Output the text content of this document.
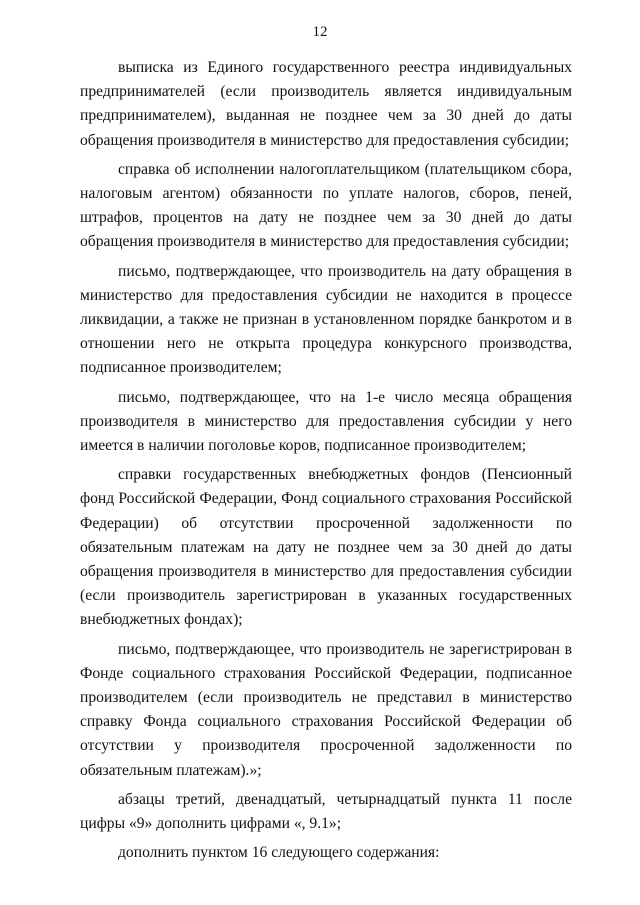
12

выписка из Единого государственного реестра индивидуальных предпринимателей (если производитель является индивидуальным предпринимателем), выданная не позднее чем за 30 дней до даты обращения производителя в министерство для предоставления субсидии;

справка об исполнении налогоплательщиком (плательщиком сбора, налоговым агентом) обязанности по уплате налогов, сборов, пеней, штрафов, процентов на дату не позднее чем за 30 дней до даты обращения производителя в министерство для предоставления субсидии;

письмо, подтверждающее, что производитель на дату обращения в министерство для предоставления субсидии не находится в процессе ликвидации, а также не признан в установленном порядке банкротом и в отношении него не открыта процедура конкурсного производства, подписанное производителем;

письмо, подтверждающее, что на 1-е число месяца обращения производителя в министерство для предоставления субсидии у него имеется в наличии поголовье коров, подписанное производителем;

справки государственных внебюджетных фондов (Пенсионный фонд Российской Федерации, Фонд социального страхования Российской Федерации) об отсутствии просроченной задолженности по обязательным платежам на дату не позднее чем за 30 дней до даты обращения производителя в министерство для предоставления субсидии (если производитель зарегистрирован в указанных государственных внебюджетных фондах);

письмо, подтверждающее, что производитель не зарегистрирован в Фонде социального страхования Российской Федерации, подписанное производителем (если производитель не представил в министерство справку Фонда социального страхования Российской Федерации об отсутствии у производителя просроченной задолженности по обязательным платежам).»;

абзацы третий, двенадцатый, четырнадцатый пункта 11 после цифры «9» дополнить цифрами «, 9.1»;

дополнить пунктом 16 следующего содержания:
